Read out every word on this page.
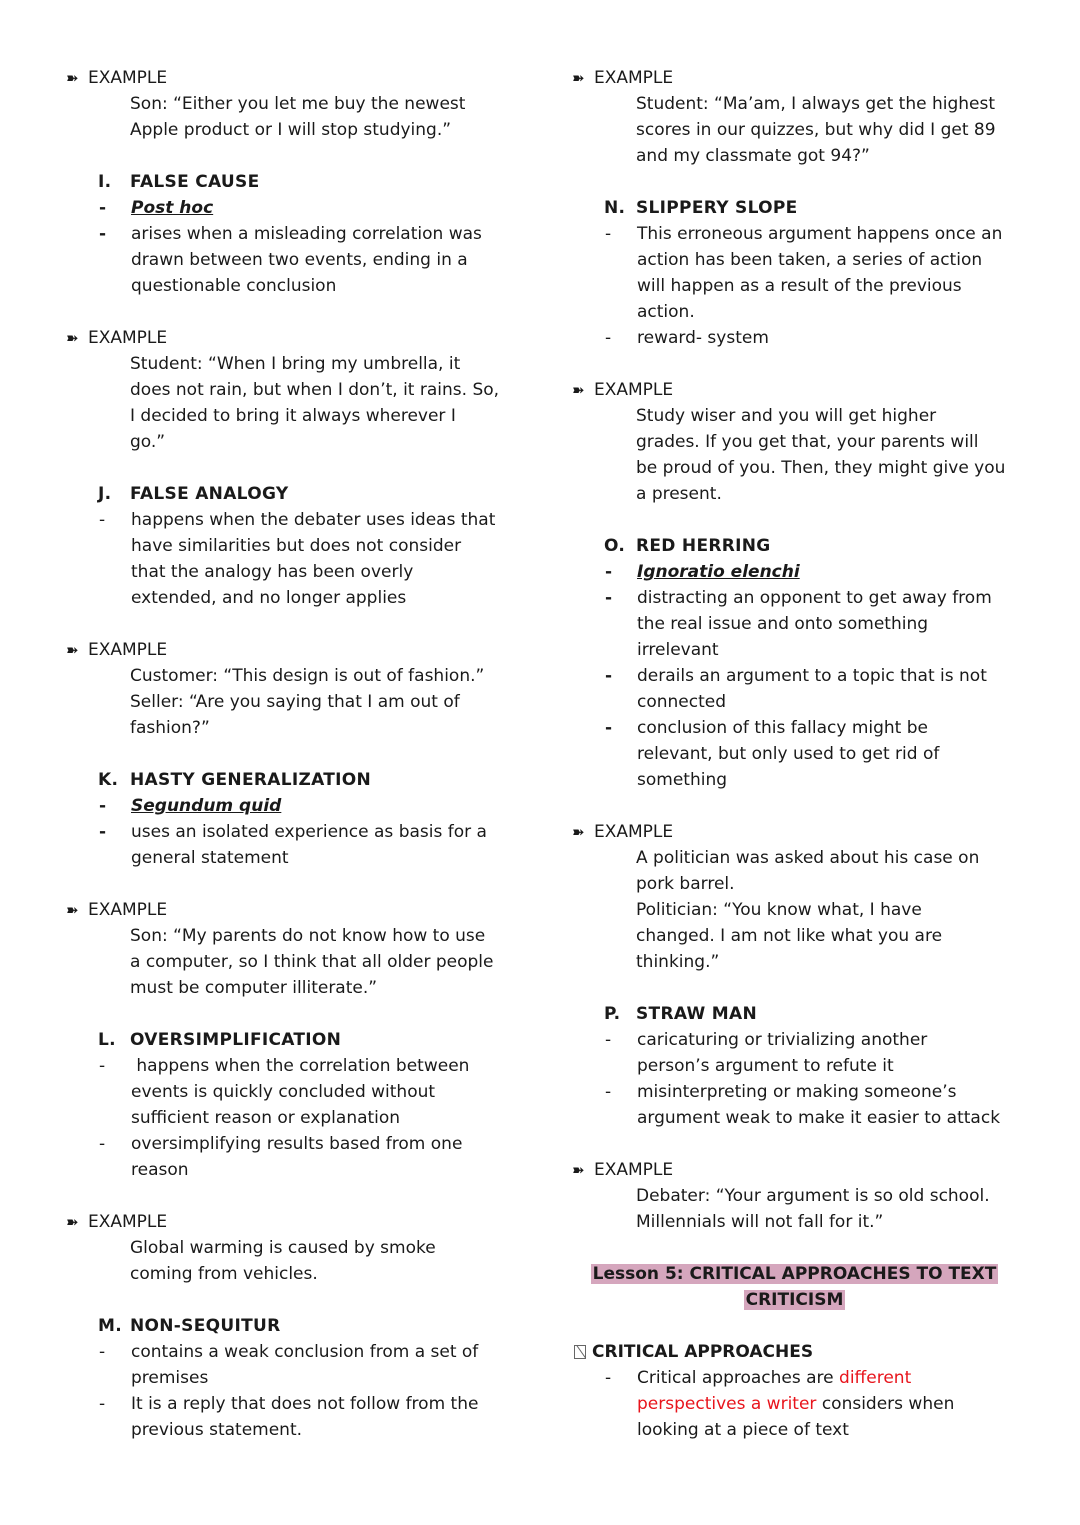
➽ EXAMPLE
Son: “Either you let me buy the newest
Apple product or I will stop studying.”
I.	FALSE CAUSE
-	Post hoc
-	arises when a misleading correlation was
drawn between two events, ending in a
questionable conclusion
➽ EXAMPLE
Student: “When I bring my umbrella, it
does not rain, but when I don’t, it rains. So,
I decided to bring it always wherever I
go.”
J.	FALSE ANALOGY
-	happens when the debater uses ideas that
have similarities but does not consider
that the analogy has been overly
extended, and no longer applies
➽ EXAMPLE
Customer: “This design is out of fashion.”
Seller: “Are you saying that I am out of
fashion?”
K. HASTY GENERALIZATION
-	Segundum quid
-	uses an isolated experience as basis for a
general statement
➽ EXAMPLE
Son: “My parents do not know how to use
a computer, so I think that all older people
must be computer illiterate.”
L. OVERSIMPLIFICATION
-	happens when the correlation between
events is quickly concluded without
sufficient reason or explanation
-	oversimplifying results based from one
reason
➽ EXAMPLE
Global warming is caused by smoke
coming from vehicles.
M. NON-SEQUITUR
-	contains a weak conclusion from a set of
premises
-	It is a reply that does not follow from the
previous statement.
➽ EXAMPLE
Student: “Ma’am, I always get the highest
scores in our quizzes, but why did I get 89
and my classmate got 94?”
N. SLIPPERY SLOPE
-	This erroneous argument happens once an
action has been taken, a series of action
will happen as a result of the previous
action.
-	reward- system
➽ EXAMPLE
Study wiser and you will get higher
grades. If you get that, your parents will
be proud of you. Then, they might give you
a present.
O. RED HERRING
-	Ignoratio elenchi
-	distracting an opponent to get away from
the real issue and onto something
irrelevant
-	derails an argument to a topic that is not
connected
-	conclusion of this fallacy might be
relevant, but only used to get rid of
something
➽ EXAMPLE
A politician was asked about his case on
pork barrel.
Politician: “You know what, I have
changed. I am not like what you are
thinking.”
P. STRAW MAN
-	caricaturing or trivializing another
person’s argument to refute it
-	misinterpreting or making someone’s
argument weak to make it easier to attack
➽ EXAMPLE
Debater: “Your argument is so old school.
Millennials will not fall for it.”
Lesson 5: CRITICAL APPROACHES TO TEXT
CRITICISM
CRITICAL APPROACHES
-	Critical approaches are different
perspectives a writer considers when
looking at a piece of text
